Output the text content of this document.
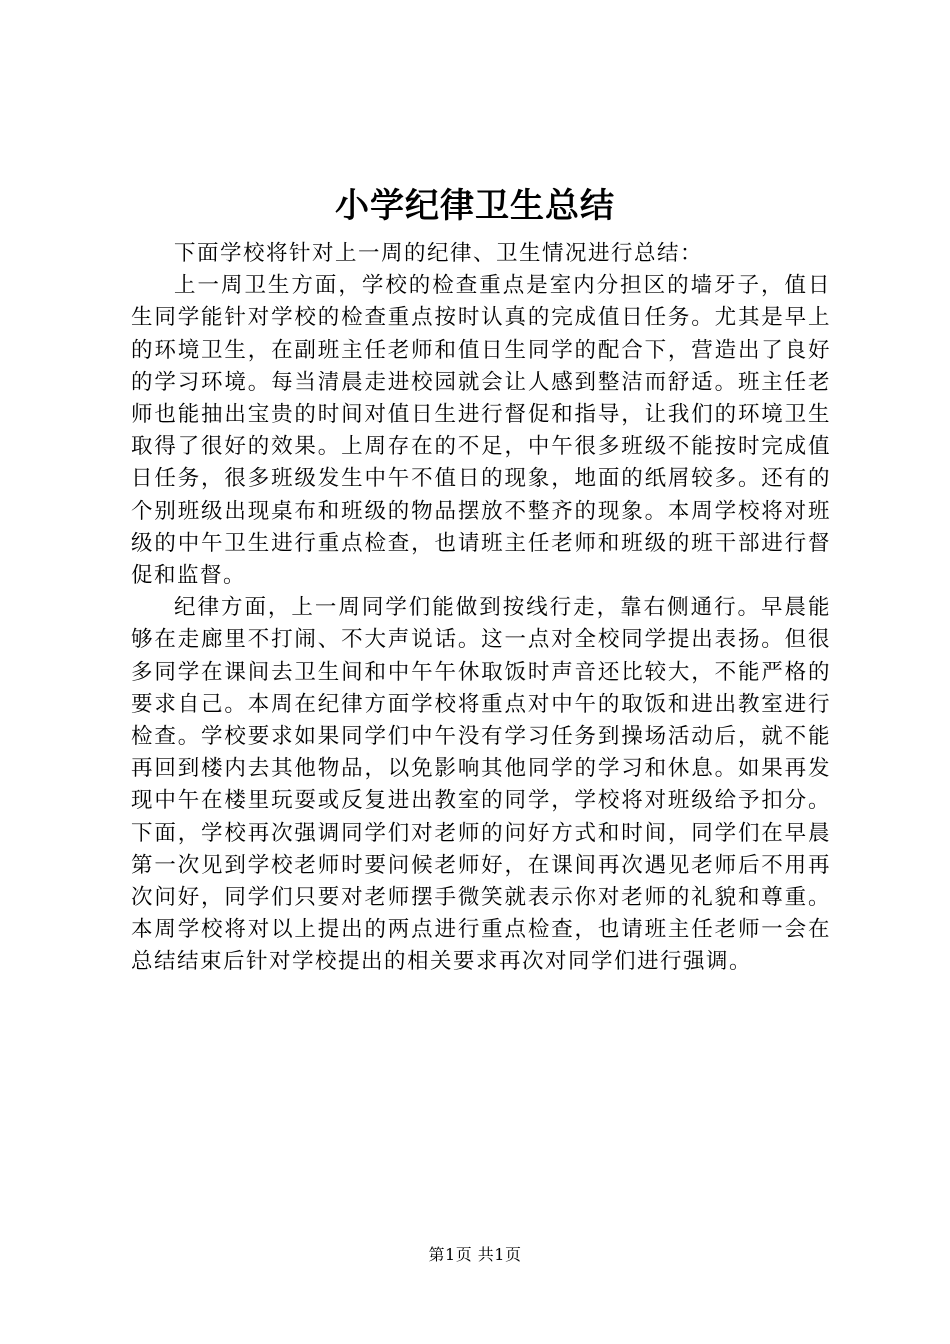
小学纪律卫生总结

下面学校将针对上一周的纪律、卫生情况进行总结：

上一周卫生方面，学校的检查重点是室内分担区的墙牙子，值日生同学能针对学校的检查重点按时认真的完成值日任务。尤其是早上的环境卫生，在副班主任老师和值日生同学的配合下，营造出了良好的学习环境。每当清晨走进校园就会让人感到整洁而舒适。班主任老师也能抽出宝贵的时间对值日生进行督促和指导，让我们的环境卫生取得了很好的效果。上周存在的不足，中午很多班级不能按时完成值日任务，很多班级发生中午不值日的现象，地面的纸屑较多。还有的个别班级出现桌布和班级的物品摆放不整齐的现象。本周学校将对班级的中午卫生进行重点检查，也请班主任老师和班级的班干部进行督促和监督。

纪律方面，上一周同学们能做到按线行走，靠右侧通行。早晨能够在走廊里不打闹、不大声说话。这一点对全校同学提出表扬。但很多同学在课间去卫生间和中午午休取饭时声音还比较大，不能严格的要求自己。本周在纪律方面学校将重点对中午的取饭和进出教室进行检查。学校要求如果同学们中午没有学习任务到操场活动后，就不能再回到楼内去其他物品，以免影响其他同学的学习和休息。如果再发现中午在楼里玩耍或反复进出教室的同学，学校将对班级给予扣分。下面，学校再次强调同学们对老师的问好方式和时间，同学们在早晨第一次见到学校老师时要问候老师好，在课间再次遇见老师后不用再次问好，同学们只要对老师摆手微笑就表示你对老师的礼貌和尊重。本周学校将对以上提出的两点进行重点检查，也请班主任老师一会在总结结束后针对学校提出的相关要求再次对同学们进行强调。

第1页 共1页
